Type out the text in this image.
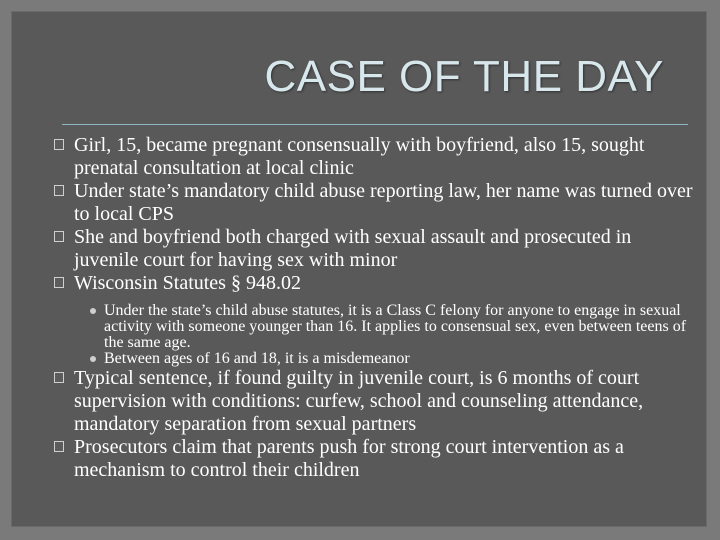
CASE OF THE DAY
Girl, 15, became pregnant consensually with boyfriend, also 15, sought prenatal consultation at local clinic
Under state’s mandatory child abuse reporting law, her name was turned over to local CPS
She and boyfriend both charged with sexual assault and prosecuted in juvenile court for having sex with minor
Wisconsin Statutes § 948.02
Under the state’s child abuse statutes, it is a Class C felony for anyone to engage in sexual activity with someone younger than 16. It applies to consensual sex, even between teens of the same age.
Between ages of 16 and 18, it is a misdemeanor
Typical sentence, if found guilty in juvenile court, is 6 months of court supervision with conditions: curfew, school and counseling attendance, mandatory separation from sexual partners
Prosecutors claim that parents push for strong court intervention as a mechanism to control their children
